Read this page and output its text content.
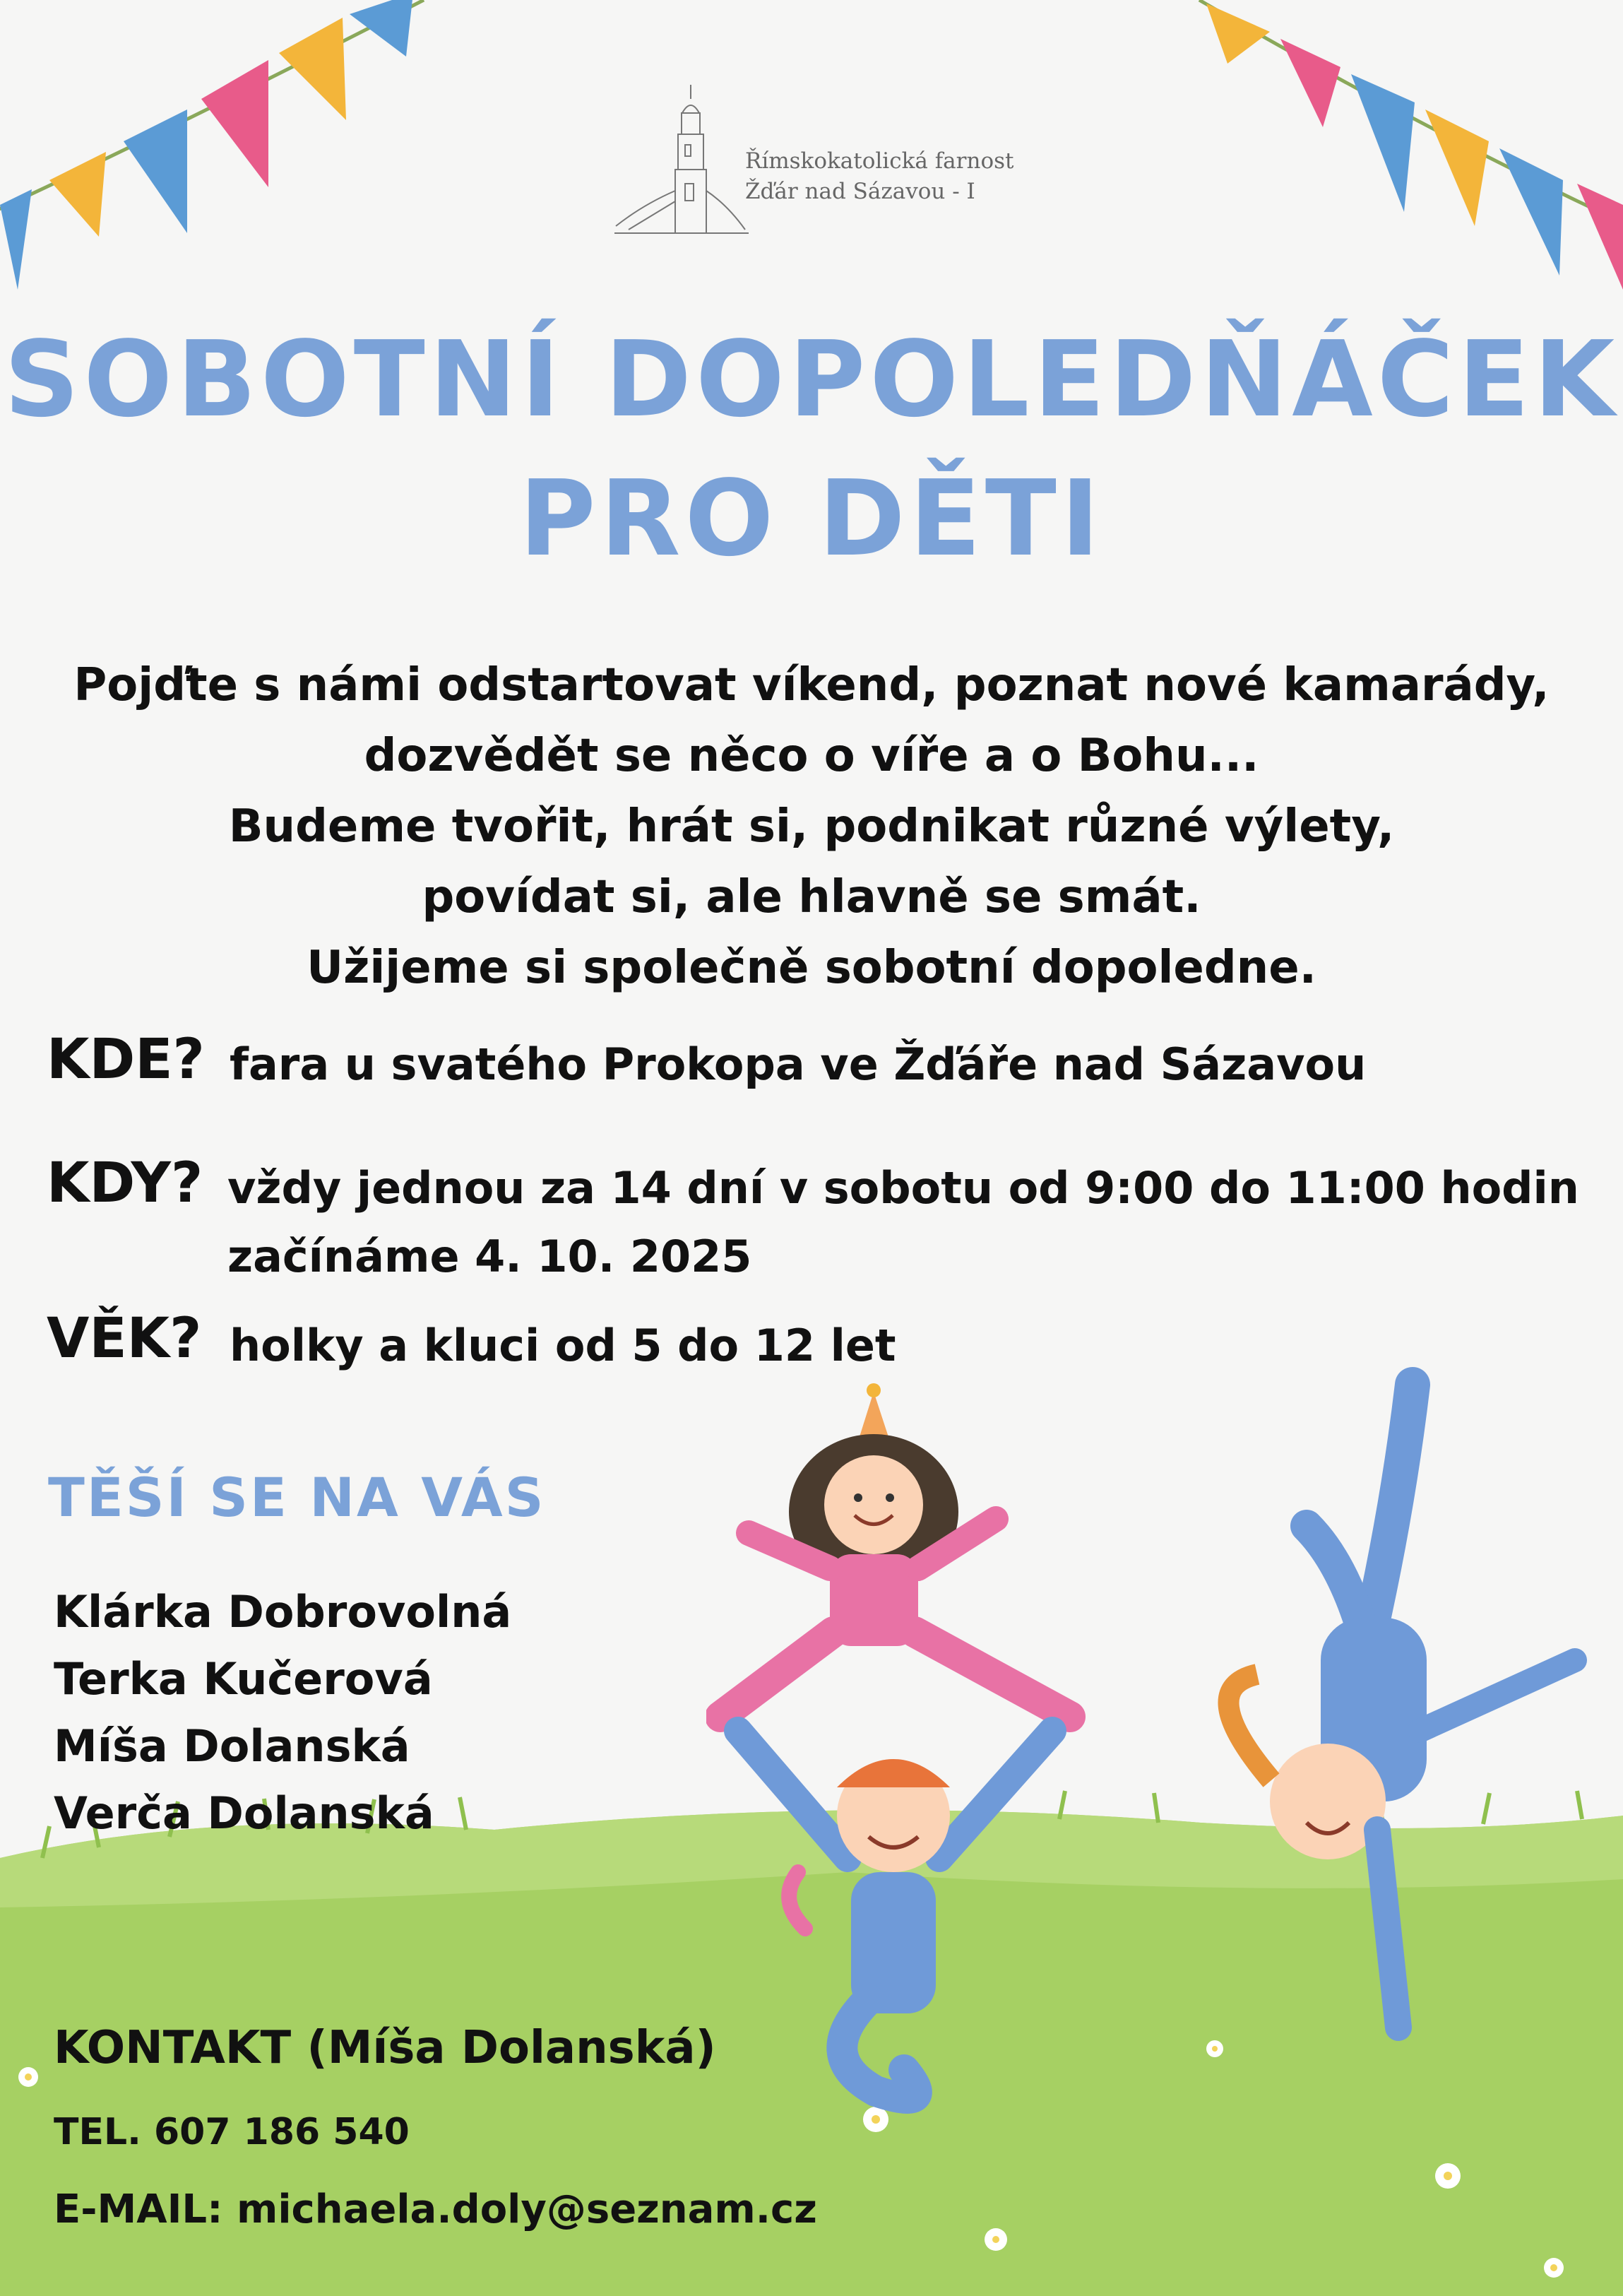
Římskokatolická farnost
Žďár nad Sázavou - I
SOBOTNÍ DOPOLEDŇÁČEK
PRO DĚTI
Pojďte s námi odstartovat víkend, poznat nové kamarády,
dozvědět se něco o víře a o Bohu...
Budeme tvořit, hrát si, podnikat různé výlety,
povídat si, ale hlavně se smát.
Užijeme si společně sobotní dopoledne.
KDE? fara u svatého Prokopa ve Žďáře nad Sázavou
KDY? vždy jednou za 14 dní v sobotu od 9:00 do 11:00 hodin
začínáme 4. 10. 2025
VĚK? holky a kluci od 5 do 12 let
TĚŠÍ SE NA VÁS
Klárka Dobrovolná
Terka Kučerová
Míša Dolanská
Verča Dolanská
KONTAKT (Míša Dolanská)
TEL. 607 186 540
E-MAIL: michaela.doly@seznam.cz
